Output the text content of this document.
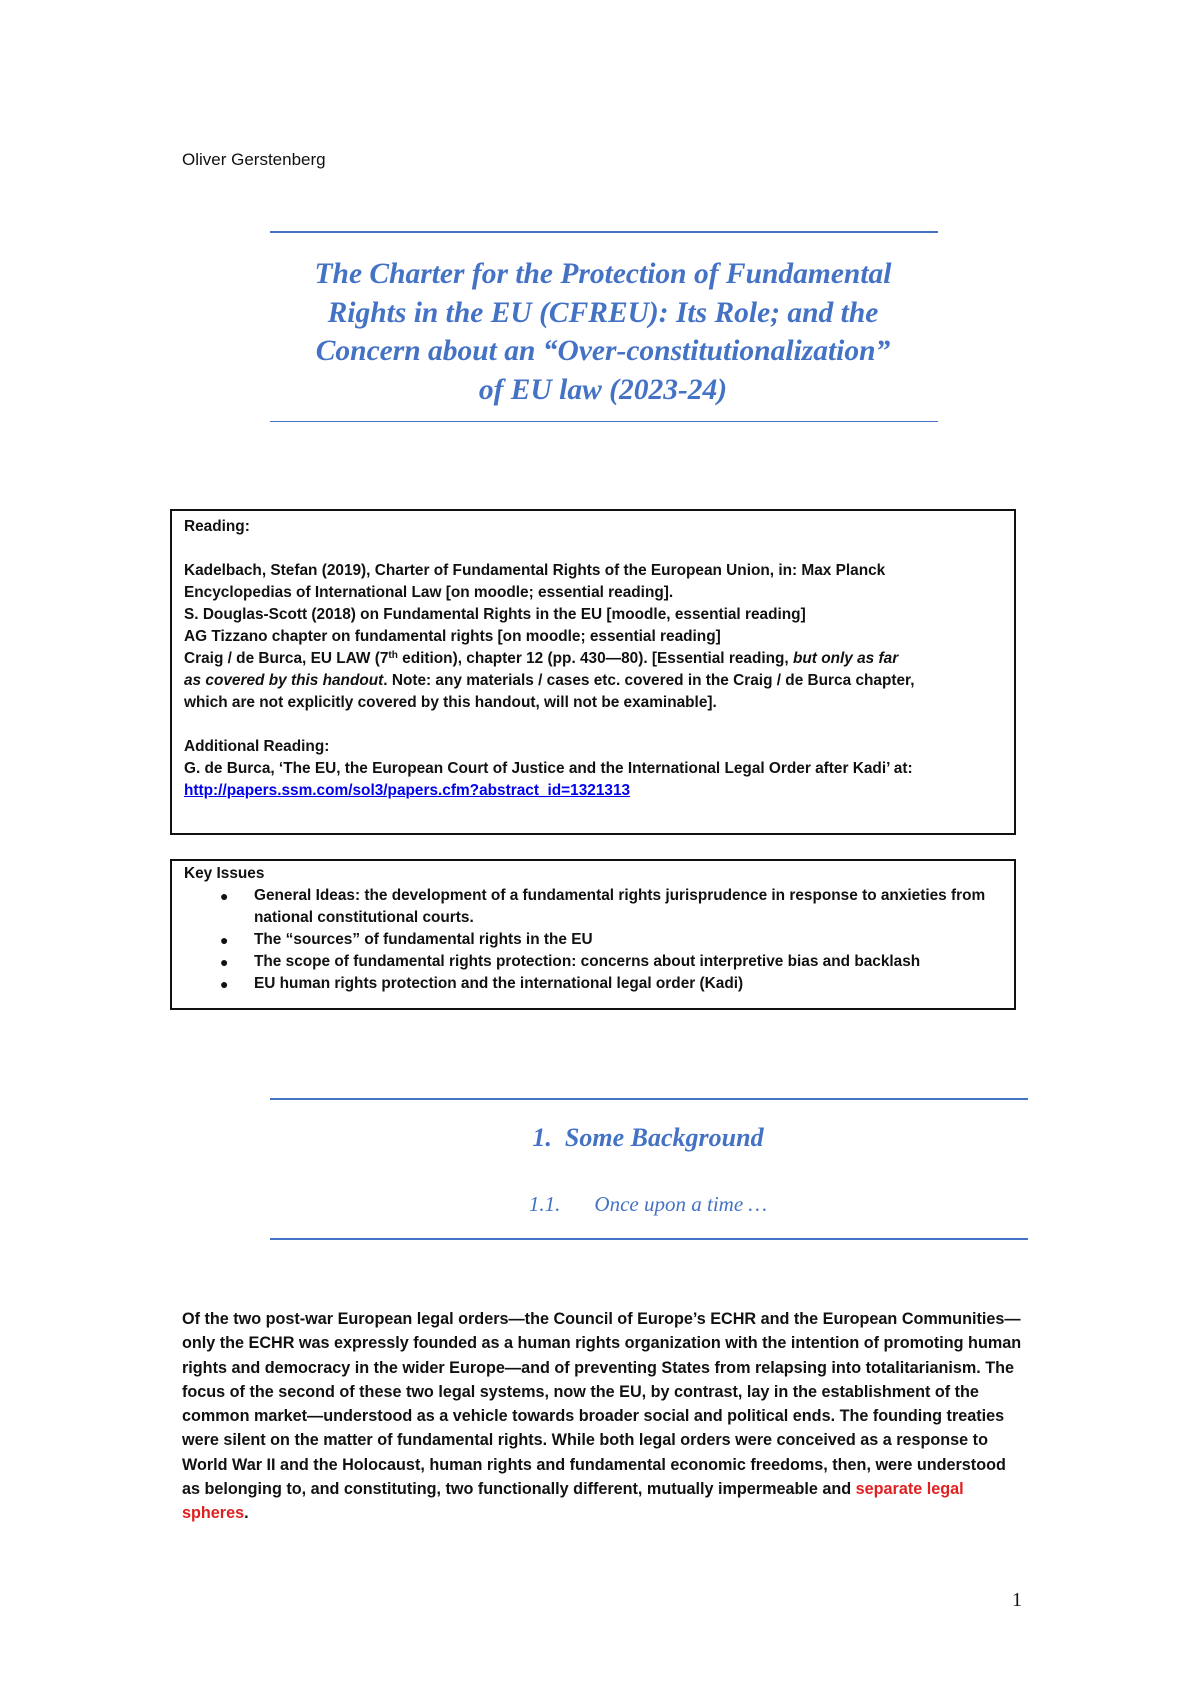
Oliver Gerstenberg
The Charter for the Protection of Fundamental
Rights in the EU (CFREU): Its Role; and the
Concern about an “Over-constitutionalization”
of EU law (2023-24)

Reading:

Kadelbach, Stefan (2019), Charter of Fundamental Rights of the European Union, in: Max Planck
Encyclopedias of International Law [on moodle; essential reading].

S. Douglas-Scott (2018) on Fundamental Rights in the EU [moodle, essential reading]

AG Tizzano chapter on fundamental rights [on moodle; essential reading]

Craig / de Burca, EU LAW (7th edition), chapter 12 (pp. 430—80). [Essential reading, but only as far
as covered by this handout. Note: any materials / cases etc. covered in the Craig / de Burca chapter,
which are not explicitly covered by this handout, will not be examinable].

Additional Reading:

G. de Burca, ‘The EU, the European Court of Justice and the International Legal Order after Kadi’ at:

http://papers.ssm.com/sol3/papers.cfm?abstract_id=1321313

Key Issues

● General Ideas: the development of a fundamental rights jurisprudence in response to anxieties from national constitutional courts.
● The “sources” of fundamental rights in the EU
● The scope of fundamental rights protection: concerns about interpretive bias and backlash
● EU human rights protection and the international legal order (Kadi)
1. Some Background
1.1. Once upon a time …
Of the two post-war European legal orders—the Council of Europe’s ECHR and the European Communities—only the ECHR was expressly founded as a human rights organization with the intention of promoting human rights and democracy in the wider Europe—and of preventing States from relapsing into totalitarianism. The focus of the second of these two legal systems, now the EU, by contrast, lay in the establishment of the common market—understood as a vehicle towards broader social and political ends. The founding treaties were silent on the matter of fundamental rights. While both legal orders were conceived as a response to World War II and the Holocaust, human rights and fundamental economic freedoms, then, were understood as belonging to, and constituting, two functionally different, mutually impermeable and separate legal spheres.
1
